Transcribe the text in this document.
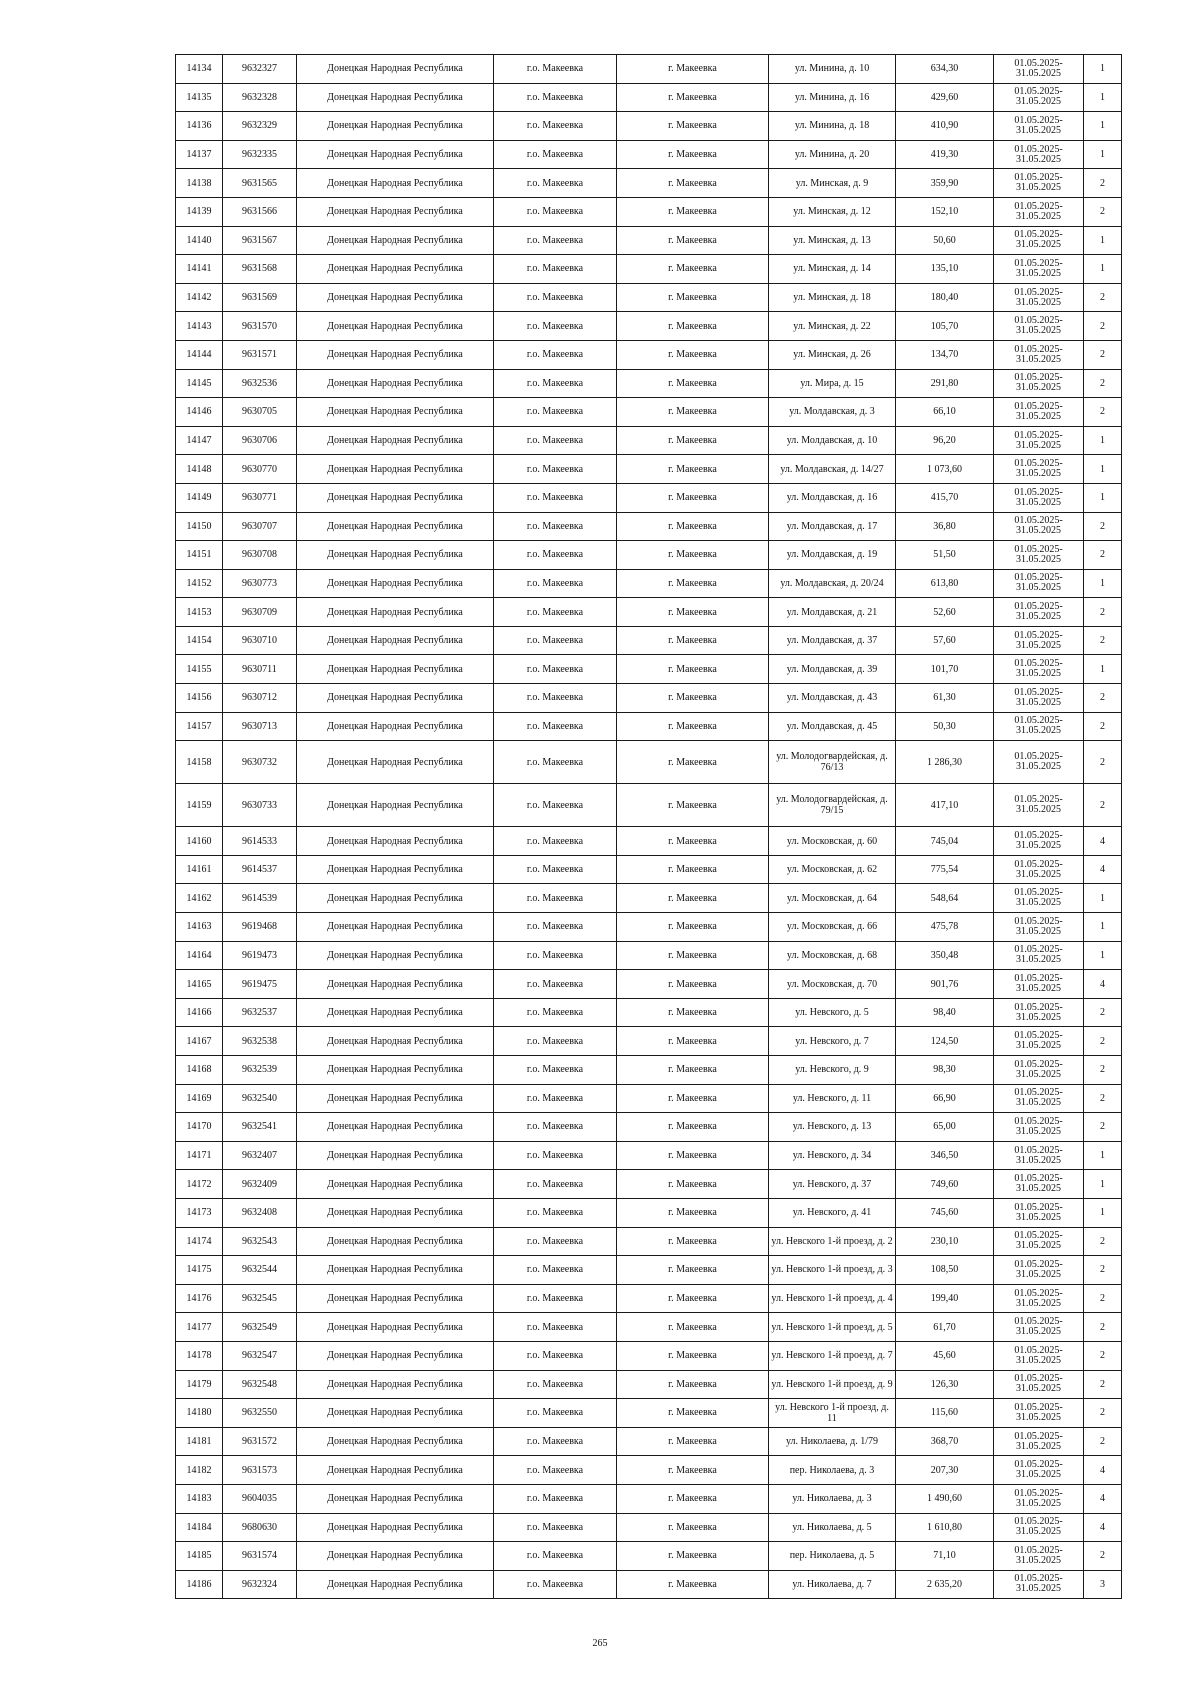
14134	9632327	Донецкая Народная Республика	г.о. Макеевка	г. Макеевка	ул. Минина, д. 10	634,30	01.05.2025-31.05.2025	1
14135	9632328	Донецкая Народная Республика	г.о. Макеевка	г. Макеевка	ул. Минина, д. 16	429,60	01.05.2025-31.05.2025	1
14136	9632329	Донецкая Народная Республика	г.о. Макеевка	г. Макеевка	ул. Минина, д. 18	410,90	01.05.2025-31.05.2025	1
14137	9632335	Донецкая Народная Республика	г.о. Макеевка	г. Макеевка	ул. Минина, д. 20	419,30	01.05.2025-31.05.2025	1
14138	9631565	Донецкая Народная Республика	г.о. Макеевка	г. Макеевка	ул. Минская, д. 9	359,90	01.05.2025-31.05.2025	2
14139	9631566	Донецкая Народная Республика	г.о. Макеевка	г. Макеевка	ул. Минская, д. 12	152,10	01.05.2025-31.05.2025	2
14140	9631567	Донецкая Народная Республика	г.о. Макеевка	г. Макеевка	ул. Минская, д. 13	50,60	01.05.2025-31.05.2025	1
14141	9631568	Донецкая Народная Республика	г.о. Макеевка	г. Макеевка	ул. Минская, д. 14	135,10	01.05.2025-31.05.2025	1
14142	9631569	Донецкая Народная Республика	г.о. Макеевка	г. Макеевка	ул. Минская, д. 18	180,40	01.05.2025-31.05.2025	2
14143	9631570	Донецкая Народная Республика	г.о. Макеевка	г. Макеевка	ул. Минская, д. 22	105,70	01.05.2025-31.05.2025	2
14144	9631571	Донецкая Народная Республика	г.о. Макеевка	г. Макеевка	ул. Минская, д. 26	134,70	01.05.2025-31.05.2025	2
14145	9632536	Донецкая Народная Республика	г.о. Макеевка	г. Макеевка	ул. Мира, д. 15	291,80	01.05.2025-31.05.2025	2
14146	9630705	Донецкая Народная Республика	г.о. Макеевка	г. Макеевка	ул. Молдавская, д. 3	66,10	01.05.2025-31.05.2025	2
14147	9630706	Донецкая Народная Республика	г.о. Макеевка	г. Макеевка	ул. Молдавская, д. 10	96,20	01.05.2025-31.05.2025	1
14148	9630770	Донецкая Народная Республика	г.о. Макеевка	г. Макеевка	ул. Молдавская, д. 14/27	1 073,60	01.05.2025-31.05.2025	1
14149	9630771	Донецкая Народная Республика	г.о. Макеевка	г. Макеевка	ул. Молдавская, д. 16	415,70	01.05.2025-31.05.2025	1
14150	9630707	Донецкая Народная Республика	г.о. Макеевка	г. Макеевка	ул. Молдавская, д. 17	36,80	01.05.2025-31.05.2025	2
14151	9630708	Донецкая Народная Республика	г.о. Макеевка	г. Макеевка	ул. Молдавская, д. 19	51,50	01.05.2025-31.05.2025	2
14152	9630773	Донецкая Народная Республика	г.о. Макеевка	г. Макеевка	ул. Молдавская, д. 20/24	613,80	01.05.2025-31.05.2025	1
14153	9630709	Донецкая Народная Республика	г.о. Макеевка	г. Макеевка	ул. Молдавская, д. 21	52,60	01.05.2025-31.05.2025	2
14154	9630710	Донецкая Народная Республика	г.о. Макеевка	г. Макеевка	ул. Молдавская, д. 37	57,60	01.05.2025-31.05.2025	2
14155	9630711	Донецкая Народная Республика	г.о. Макеевка	г. Макеевка	ул. Молдавская, д. 39	101,70	01.05.2025-31.05.2025	1
14156	9630712	Донецкая Народная Республика	г.о. Макеевка	г. Макеевка	ул. Молдавская, д. 43	61,30	01.05.2025-31.05.2025	2
14157	9630713	Донецкая Народная Республика	г.о. Макеевка	г. Макеевка	ул. Молдавская, д. 45	50,30	01.05.2025-31.05.2025	2
14158	9630732	Донецкая Народная Республика	г.о. Макеевка	г. Макеевка	ул. Молодогвардейская, д. 76/13	1 286,30	01.05.2025-31.05.2025	2
14159	9630733	Донецкая Народная Республика	г.о. Макеевка	г. Макеевка	ул. Молодогвардейская, д. 79/15	417,10	01.05.2025-31.05.2025	2
14160	9614533	Донецкая Народная Республика	г.о. Макеевка	г. Макеевка	ул. Московская, д. 60	745,04	01.05.2025-31.05.2025	4
14161	9614537	Донецкая Народная Республика	г.о. Макеевка	г. Макеевка	ул. Московская, д. 62	775,54	01.05.2025-31.05.2025	4
14162	9614539	Донецкая Народная Республика	г.о. Макеевка	г. Макеевка	ул. Московская, д. 64	548,64	01.05.2025-31.05.2025	1
14163	9619468	Донецкая Народная Республика	г.о. Макеевка	г. Макеевка	ул. Московская, д. 66	475,78	01.05.2025-31.05.2025	1
14164	9619473	Донецкая Народная Республика	г.о. Макеевка	г. Макеевка	ул. Московская, д. 68	350,48	01.05.2025-31.05.2025	1
14165	9619475	Донецкая Народная Республика	г.о. Макеевка	г. Макеевка	ул. Московская, д. 70	901,76	01.05.2025-31.05.2025	4
14166	9632537	Донецкая Народная Республика	г.о. Макеевка	г. Макеевка	ул. Невского, д. 5	98,40	01.05.2025-31.05.2025	2
14167	9632538	Донецкая Народная Республика	г.о. Макеевка	г. Макеевка	ул. Невского, д. 7	124,50	01.05.2025-31.05.2025	2
14168	9632539	Донецкая Народная Республика	г.о. Макеевка	г. Макеевка	ул. Невского, д. 9	98,30	01.05.2025-31.05.2025	2
14169	9632540	Донецкая Народная Республика	г.о. Макеевка	г. Макеевка	ул. Невского, д. 11	66,90	01.05.2025-31.05.2025	2
14170	9632541	Донецкая Народная Республика	г.о. Макеевка	г. Макеевка	ул. Невского, д. 13	65,00	01.05.2025-31.05.2025	2
14171	9632407	Донецкая Народная Республика	г.о. Макеевка	г. Макеевка	ул. Невского, д. 34	346,50	01.05.2025-31.05.2025	1
14172	9632409	Донецкая Народная Республика	г.о. Макеевка	г. Макеевка	ул. Невского, д. 37	749,60	01.05.2025-31.05.2025	1
14173	9632408	Донецкая Народная Республика	г.о. Макеевка	г. Макеевка	ул. Невского, д. 41	745,60	01.05.2025-31.05.2025	1
14174	9632543	Донецкая Народная Республика	г.о. Макеевка	г. Макеевка	ул. Невского 1-й проезд, д. 2	230,10	01.05.2025-31.05.2025	2
14175	9632544	Донецкая Народная Республика	г.о. Макеевка	г. Макеевка	ул. Невского 1-й проезд, д. 3	108,50	01.05.2025-31.05.2025	2
14176	9632545	Донецкая Народная Республика	г.о. Макеевка	г. Макеевка	ул. Невского 1-й проезд, д. 4	199,40	01.05.2025-31.05.2025	2
14177	9632549	Донецкая Народная Республика	г.о. Макеевка	г. Макеевка	ул. Невского 1-й проезд, д. 5	61,70	01.05.2025-31.05.2025	2
14178	9632547	Донецкая Народная Республика	г.о. Макеевка	г. Макеевка	ул. Невского 1-й проезд, д. 7	45,60	01.05.2025-31.05.2025	2
14179	9632548	Донецкая Народная Республика	г.о. Макеевка	г. Макеевка	ул. Невского 1-й проезд, д. 9	126,30	01.05.2025-31.05.2025	2
14180	9632550	Донецкая Народная Республика	г.о. Макеевка	г. Макеевка	ул. Невского 1-й проезд, д. 11	115,60	01.05.2025-31.05.2025	2
14181	9631572	Донецкая Народная Республика	г.о. Макеевка	г. Макеевка	ул. Николаева, д. 1/79	368,70	01.05.2025-31.05.2025	2
14182	9631573	Донецкая Народная Республика	г.о. Макеевка	г. Макеевка	пер. Николаева, д. 3	207,30	01.05.2025-31.05.2025	4
14183	9604035	Донецкая Народная Республика	г.о. Макеевка	г. Макеевка	ул. Николаева, д. 3	1 490,60	01.05.2025-31.05.2025	4
14184	9680630	Донецкая Народная Республика	г.о. Макеевка	г. Макеевка	ул. Николаева, д. 5	1 610,80	01.05.2025-31.05.2025	4
14185	9631574	Донецкая Народная Республика	г.о. Макеевка	г. Макеевка	пер. Николаева, д. 5	71,10	01.05.2025-31.05.2025	2
14186	9632324	Донецкая Народная Республика	г.о. Макеевка	г. Макеевка	ул. Николаева, д. 7	2 635,20	01.05.2025-31.05.2025	3
265
